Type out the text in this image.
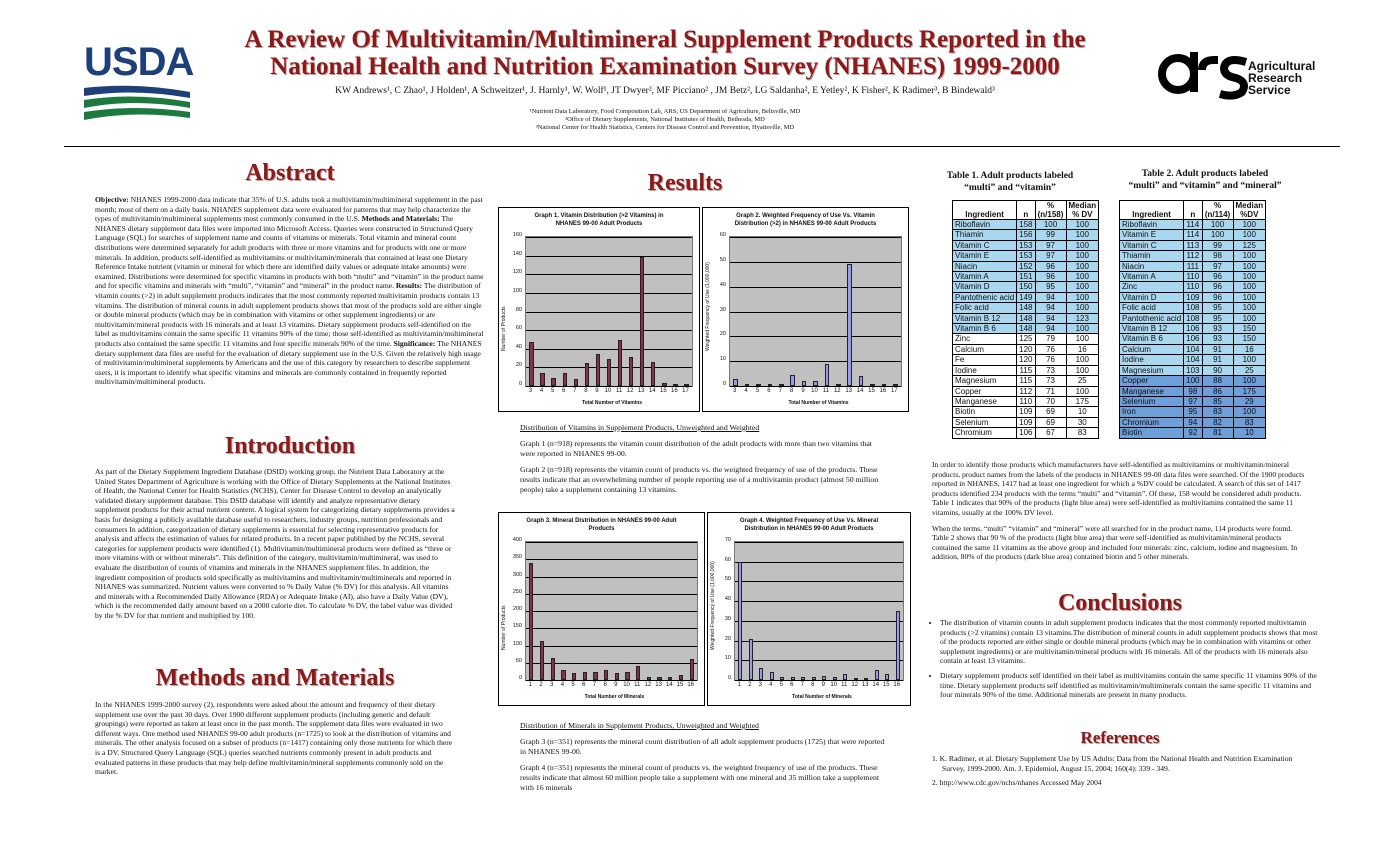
USDA
A Review Of Multivitamin/Multimineral Supplement Products Reported in the
National Health and Nutrition Examination Survey (NHANES) 1999-2000
KW Andrews¹, C Zhao¹, J Holden¹, A Schweitzer¹, J. Harnly¹, W. Wolf¹, JT Dwyer², MF Picciano² , JM Betz², LG Saldanha², E Yetley², K Fisher², K Radimer³, B Bindewald³
¹Nutrient Data Laboratory, Food Composition Lab, ARS, US Department of Agriculture, Beltsville, MD
²Office of Dietary Supplements, National Institutes of Health, Bethesda, MD
³National Center for Health Statistics, Centers for Disease Control and Prevention, Hyattsville, MD
Agricultural
Research
Service
Abstract
Objective: NHANES 1999-2000 data indicate that 35% of U.S. adults took a multivitamin/multimineral supplement in the past month; most of them on a daily basis. NHANES supplement data were evaluated for patterns that may help characterize the types of multivitamin/multimineral supplements most commonly consumed in the U.S. Methods and Materials: The NHANES dietary supplement data files were imported into Microsoft Access. Queries were constructed in Structured Query Language (SQL) for searches of supplement name and counts of vitamins or minerals. Total vitamin and mineral count distributions were determined separately for adult products with three or more vitamins and for products with one or more minerals. In addition, products self-identified as multivitamins or multivitamin/minerals that contained at least one Dietary Reference Intake nutrient (vitamin or mineral for which there are identified daily values or adequate intake amounts) were examined. Distributions were determined for specific vitamins in products with both “multi” and “vitamin” in the product name and for specific vitamins and minerals with “multi”, “vitamin” and “mineral” in the product name. Results: The distribution of vitamin counts (>2) in adult supplement products indicates that the most commonly reported multivitamin products contain 13 vitamins. The distribution of mineral counts in adult supplement products shows that most of the products sold are either single or double mineral products (which may be in combination with vitamins or other supplement ingredients) or are multivitamin/mineral products with 16 minerals and at least 13 vitamins. Dietary supplement products self-identified on the label as multivitamins contain the same specific 11 vitamins 90% of the time; those self-identified as multivitamin/multimineral products also contained the same specific 11 vitamins and four specific minerals 90% of the time. Significance: The NHANES dietary supplement data files are useful for the evaluation of dietary supplement use in the U.S. Given the relatively high usage of multivitamin/multimineral supplements by Americans and the use of this category by researchers to describe supplement users, it is important to identify what specific vitamins and minerals are commonly contained in frequently reported multivitamin/multimineral products.
Introduction
As part of the Dietary Supplement Ingredient Database (DSID) working group, the Nutrient Data Laboratory at the United States Department of Agriculture is working with the Office of Dietary Supplements at the National Institutes of Health, the National Center for Health Statistics (NCHS), Center for Disease Control to develop an analytically validated dietary supplement database. This DSID database will identify and analyze representative dietary supplement products for their actual nutrient content. A logical system for categorizing dietary supplements provides a basis for designing a publicly available database useful to researchers, industry groups, nutrition professionals and consumers In addition, categorization of dietary supplements is essential for selecting representative products for analysis and affects the estimation of values for related products. In a recent paper published by the NCHS, several categories for supplement products were identified (1). Multivitamin/multimineral products were defined as “three or more vitamins with or without minerals”. This definition of the category, multivitamin/multimineral, was used to evaluate the distribution of counts of vitamins and minerals in the NHANES supplement files. In addition, the ingredient composition of products sold specifically as multivitamins and multivitamin/multiminerals and reported in NHANES was summarized. Nutrient values were converted to % Daily Value (% DV) for this analysis. All vitamins and minerals with a Recommended Daily Allowance (RDA) or Adequate Intake (AI), also have a Daily Value (DV), which is the recommended daily amount based on a 2000 calorie diet. To calculate % DV, the label value was divided by the % DV for that nutrient and multiplied by 100.
Methods and Materials
In the NHANES 1999-2000 survey (2), respondents were asked about the amount and frequency of their dietary supplement use over the past 30 days. Over 1900 different supplement products (including generic and default groupings) were reported as taken at least once in the past month. The supplement data files were evaluated in two different ways. One method used NHANES 99-00 adult products (n=1725) to look at the distribution of vitamins and minerals. The other analysis focused on a subset of products (n=1417) containing only those nutrients for which there is a DV. Structured Query Language (SQL) queries searched nutrients commonly present in adult products and evaluated patterns in these products that may help define multivitamin/mineral supplements commonly sold on the market.
Results
Graph 1. Vitamin Distribution (>2 Vitamins) in NHANES 99-00 Adult Products
0
20
40
60
80
100
120
140
160
3	4	5	6	7	8	9	10 11 12 13 14 15 16 17
Total Number of Vitamins
Number of Products
Graph 2. Weighted Frequency of Use Vs. Vitamin Distribution (>2) in NHANES 99-00 Adult Products
0
10
20
30
40
50
60
3	4	5	6	7	8	9	10 11 12 13 14 15 16 17
Total Number of Vitamins
Weighted Frequency of Use (1,000,000)

Distribution of Vitamins in Supplement Products, Unweighted and Weighted

Graph 1 (n=918) represents the vitamin count distribution of the adult products with more than two vitamins that were reported in NHANES 99-00.

Graph 2 (n=918) represents the vitamin count of products vs. the weighted frequency of use of the products. These results indicate that an overwhelming number of people reporting use of a multivitamin product (almost 50 million people) take a supplement containing 13 vitamins.

Graph 3. Mineral Distribution in NHANES 99-00 Adult Products
0
50
100
150
200
250
300
350
400
1	2	3	4	5	6	7	8	9 10 11 12 13 14 15 16
Total Number of Minerals
Number of Products
Graph 4. Weighted Frequency of Use Vs. Mineral Distribution in NHANES 99-00 Adult Products
0
10
20
30
40
50
60
70
1	2	3	4	5	6	7	8	9 10 11 12 13 14 15 16
Total Number of Minerals
Weighted Frequency of Use (1,000,000)

Distribution of Minerals in Supplement Products, Unweighted and Weighted

Graph 3 (n=351) represents the mineral count distribution of all adult supplement products (1725) that were reported in NHANES 99-00.

Graph 4 (n=351) represents the mineral count of products vs. the weighted frequency of use of the products. These results indicate that almost 60 million people take a supplement with one mineral and 35 million take a supplement with 16 minerals

Table 1. Adult products labeled
“multi” and “vitamin”
Table 2. Adult products labeled
“multi” and “vitamin” and “mineral”
Ingredient	n	% (n/158)	Median % DV
Riboflavin	158	100	100
Thiamin	156	99	100
Vitamin C	153	97	100
Vitamin E	153	97	100
Niacin	152	96	100
Vitamin A	151	96	100
Vitamin D	150	95	100
Pantothenic acid	149	94	100
Folic acid	148	94	100
Vitamin B 12	148	94	123
Vitamin B 6	148	94	100
Zinc	125	79	100
Calcium	120	76	16
Fe	120	76	100
Iodine	115	73	100
Magnesium	115	73	25
Copper	112	71	100
Manganese	110	70	175
Biotin	109	69	10
Selenium	109	69	30
Chromium	106	67	83
Ingredient	n	% (n/114)	Median %DV
Riboflavin	114	100	100
Vitamin E	114	100	100
Vitamin C	113	99	125
Thiamin	112	98	100
Niacin	111	97	100
Vitamin A	110	96	100
Zinc	110	96	100
Vitamin D	109	96	100
Folic acid	108	95	100
Pantothenic acid	108	95	100
Vitamin B 12	106	93	150
Vitamin B 6	106	93	150
Calcium	104	91	16
Iodine	104	91	100
Magnesium	103	90	25
Copper	100	88	100
Manganese	98	86	175
Selenium	97	85	29
Iron	95	83	100
Chromium	94	82	83
Biotin	92	81	10

In order to identify those products which manufacturers have self-identified as multivitamins or multivitamin/mineral products, product names from the labels of the products in NHANES 99-00 data files were searched. Of the 1900 products reported in NHANES, 1417 had at least one ingredient for which a %DV could be calculated. A search of this set of 1417 products identified 234 products with the terms “multi” and “vitamin”. Of these, 158 would be considered adult products. Table 1 indicates that 90% of the products (light blue area) were self-identified as multivitamins contained the same 11 vitamins, usually at the 100% DV level.

When the terms, “multi” “vitamin” and “mineral” were all searched for in the product name, 114 products were found. Table 2 shows that 90 % of the products (light blue area) that were self-identified as multivitamin/mineral products contained the same 11 vitamins as the above group and included four minerals: zinc, calcium, iodine and magnesium. In addition, 80% of the products (dark blue area) contained biotin and 5 other minerals.

Conclusions
• The distribution of vitamin counts in adult supplement products indicates that the most commonly reported multivitamin products (>2 vitamins) contain 13 vitamins.The distribution of mineral counts in adult supplement products shows that most of the products reported are either single or double mineral products (which may be in combination with vitamins or other supplement ingredients) or are multivitamin/mineral products with 16 minerals. All of the products with 16 minerals also contain at least 13 vitamins.
• Dietary supplement products self identified on their label as multivitamins contain the same specific 11 vitamins 90% of the time. Dietary supplement products self identified as multivitamin/multiminerals contain the same specific 11 vitamins and four minerals 90% of the time. Additional minerals are present in many products.
References

1. K. Radimer, et al. Dietary Supplement Use by US Adults: Data from the National Health and Nutrition Examination Survey, 1999-2000. Am. J. Epidemiol, August 15, 2004; 160(4): 339 - 349.

2. http://www.cdc.gov/nchs/nhanes Accessed May 2004
